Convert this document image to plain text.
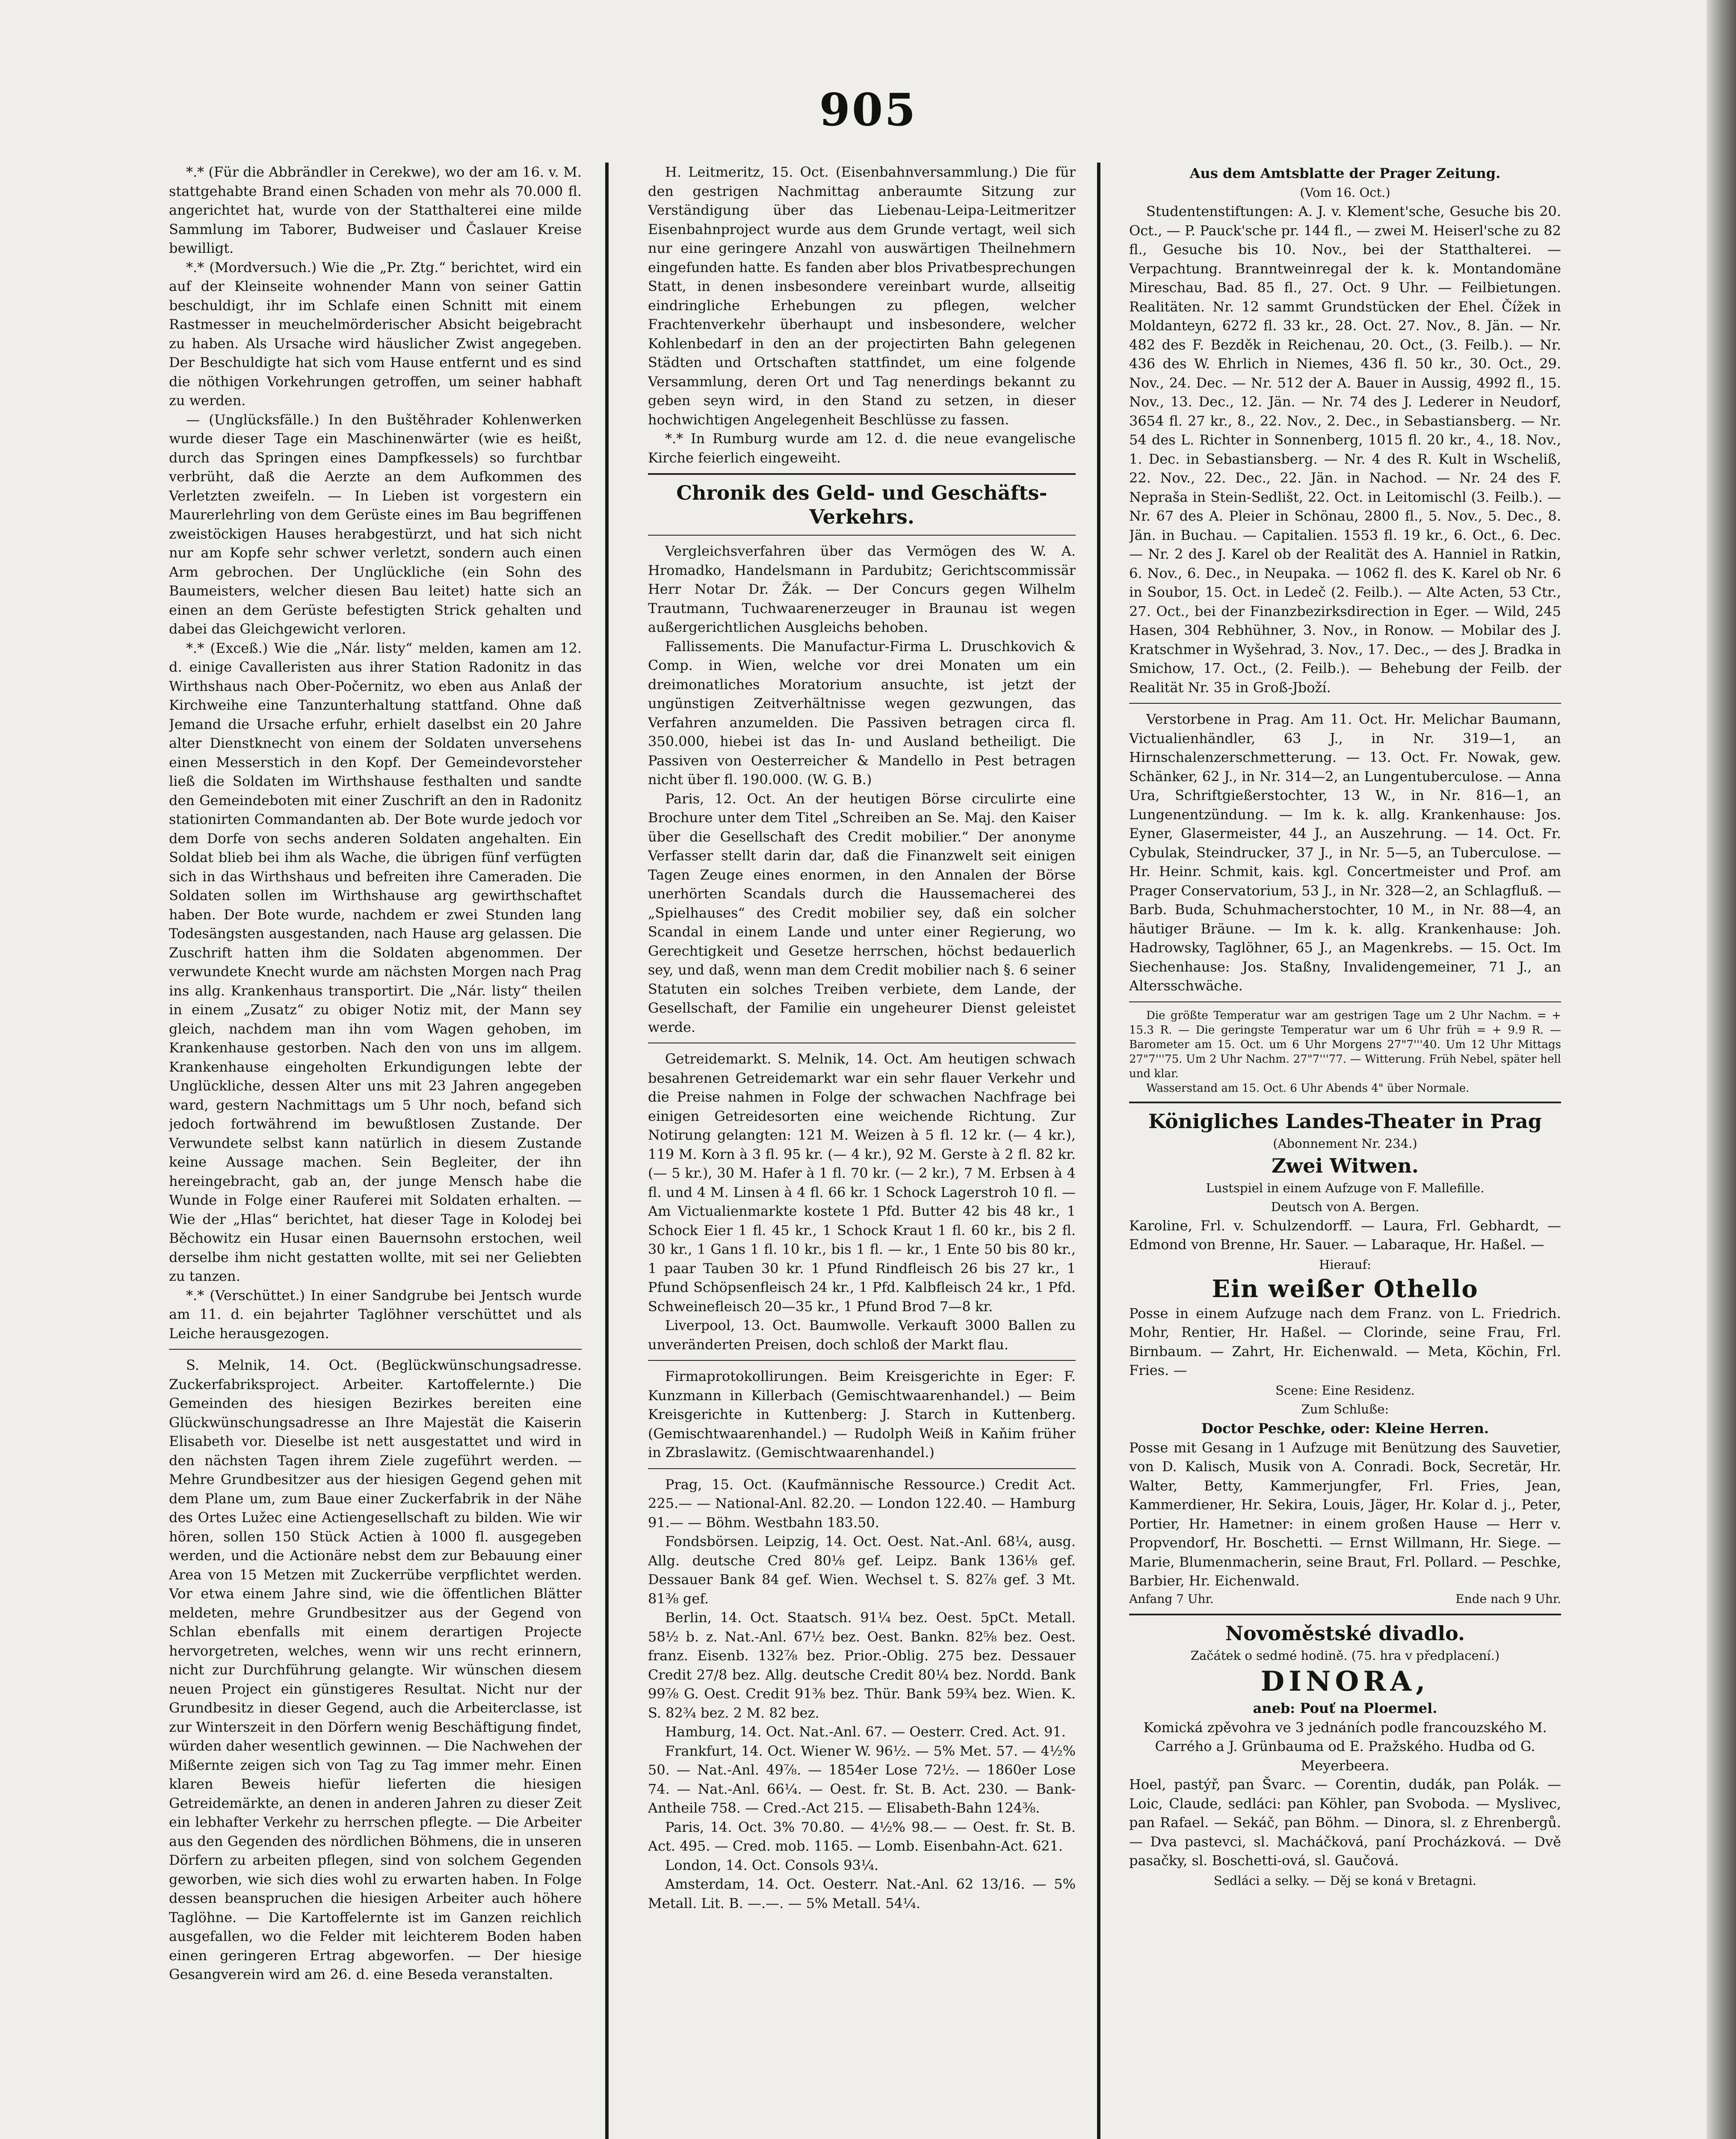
905

*.* (Für die Abbrändler in Cerekwe), wo der am 16. v. M. stattgehabte Brand einen Schaden von mehr als 70.000 fl. angerichtet hat, wurde von der Statthalterei eine milde Sammlung im Taborer, Budweiser und Časlauer Kreise bewilligt.

*.* (Mordversuch.) Wie die „Pr. Ztg.“ berichtet, wird ein auf der Kleinseite wohnender Mann von seiner Gattin beschuldigt, ihr im Schlafe einen Schnitt mit einem Rastmesser in meuchelmörderischer Absicht beigebracht zu haben. Als Ursache wird häuslicher Zwist angegeben. Der Beschuldigte hat sich vom Hause entfernt und es sind die nöthigen Vorkehrungen getroffen, um seiner habhaft zu werden.

— (Unglücksfälle.) In den Buštěhrader Kohlenwerken wurde dieser Tage ein Maschinenwärter (wie es heißt, durch das Springen eines Dampfkessels) so furchtbar verbrüht, daß die Aerzte an dem Aufkommen des Verletzten zweifeln. — In Lieben ist vorgestern ein Maurerlehrling von dem Gerüste eines im Bau begriffenen zweistöckigen Hauses herabgestürzt, und hat sich nicht nur am Kopfe sehr schwer verletzt, sondern auch einen Arm gebrochen. Der Unglückliche (ein Sohn des Baumeisters, welcher diesen Bau leitet) hatte sich an einen an dem Gerüste befestigten Strick gehalten und dabei das Gleichgewicht verloren.

*.* (Exceß.) Wie die „Nár. listy“ melden, kamen am 12. d. einige Cavalleristen aus ihrer Station Radonitz in das Wirthshaus nach Ober-Počernitz, wo eben aus Anlaß der Kirchweihe eine Tanzunterhaltung stattfand. Ohne daß Jemand die Ursache erfuhr, erhielt daselbst ein 20 Jahre alter Dienstknecht von einem der Soldaten unversehens einen Messerstich in den Kopf. Der Gemeindevorsteher ließ die Soldaten im Wirthshause festhalten und sandte den Gemeindeboten mit einer Zuschrift an den in Radonitz stationirten Commandanten ab. Der Bote wurde jedoch vor dem Dorfe von sechs anderen Soldaten angehalten. Ein Soldat blieb bei ihm als Wache, die übrigen fünf verfügten sich in das Wirthshaus und befreiten ihre Cameraden. Die Soldaten sollen im Wirthshause arg gewirthschaftet haben. Der Bote wurde, nachdem er zwei Stunden lang Todesängsten ausgestanden, nach Hause arg gelassen. Die Zuschrift hatten ihm die Soldaten abgenommen. Der verwundete Knecht wurde am nächsten Morgen nach Prag ins allg. Krankenhaus transportirt. Die „Nár. listy“ theilen in einem „Zusatz“ zu obiger Notiz mit, der Mann sey gleich, nachdem man ihn vom Wagen gehoben, im Krankenhause gestorben. Nach den von uns im allgem. Krankenhause eingeholten Erkundigungen lebte der Unglückliche, dessen Alter uns mit 23 Jahren angegeben ward, gestern Nachmittags um 5 Uhr noch, befand sich jedoch fortwährend im bewußtlosen Zustande. Der Verwundete selbst kann natürlich in diesem Zustande keine Aussage machen. Sein Begleiter, der ihn hereingebracht, gab an, der junge Mensch habe die Wunde in Folge einer Rauferei mit Soldaten erhalten. — Wie der „Hlas“ berichtet, hat dieser Tage in Kolodej bei Běchowitz ein Husar einen Bauernsohn erstochen, weil derselbe ihm nicht gestatten wollte, mit sei ner Geliebten zu tanzen.

*.* (Verschüttet.) In einer Sandgrube bei Jentsch wurde am 11. d. ein bejahrter Taglöhner verschüttet und als Leiche herausgezogen.

S. Melnik, 14. Oct. (Beglückwünschungsadresse. Zuckerfabriksproject. Arbeiter. Kartoffelernte.) Die Gemeinden des hiesigen Bezirkes bereiten eine Glückwünschungsadresse an Ihre Majestät die Kaiserin Elisabeth vor. Dieselbe ist nett ausgestattet und wird in den nächsten Tagen ihrem Ziele zugeführt werden. — Mehre Grundbesitzer aus der hiesigen Gegend gehen mit dem Plane um, zum Baue einer Zuckerfabrik in der Nähe des Ortes Lužec eine Actiengesellschaft zu bilden. Wie wir hören, sollen 150 Stück Actien à 1000 fl. ausgegeben werden, und die Actionäre nebst dem zur Bebauung einer Area von 15 Metzen mit Zuckerrübe verpflichtet werden. Vor etwa einem Jahre sind, wie die öffentlichen Blätter meldeten, mehre Grundbesitzer aus der Gegend von Schlan ebenfalls mit einem derartigen Projecte hervorgetreten, welches, wenn wir uns recht erinnern, nicht zur Durchführung gelangte. Wir wünschen diesem neuen Project ein günstigeres Resultat. Nicht nur der Grundbesitz in dieser Gegend, auch die Arbeiterclasse, ist zur Winterszeit in den Dörfern wenig Beschäftigung findet, würden daher wesentlich gewinnen. — Die Nachwehen der Mißernte zeigen sich von Tag zu Tag immer mehr. Einen klaren Beweis hiefür lieferten die hiesigen Getreidemärkte, an denen in anderen Jahren zu dieser Zeit ein lebhafter Verkehr zu herrschen pflegte. — Die Arbeiter aus den Gegenden des nördlichen Böhmens, die in unseren Dörfern zu arbeiten pflegen, sind von solchem Gegenden geworben, wie sich dies wohl zu erwarten haben. In Folge dessen beanspruchen die hiesigen Arbeiter auch höhere Taglöhne. — Die Kartoffelernte ist im Ganzen reichlich ausgefallen, wo die Felder mit leichterem Boden haben einen geringeren Ertrag abgeworfen. — Der hiesige Gesangverein wird am 26. d. eine Beseda veranstalten.

H. Leitmeritz, 15. Oct. (Eisenbahnversammlung.) Die für den gestrigen Nachmittag anberaumte Sitzung zur Verständigung über das Liebenau-Leipa-Leitmeritzer Eisenbahnproject wurde aus dem Grunde vertagt, weil sich nur eine geringere Anzahl von auswärtigen Theilnehmern eingefunden hatte. Es fanden aber blos Privatbesprechungen Statt, in denen insbesondere vereinbart wurde, allseitig eindringliche Erhebungen zu pflegen, welcher Frachtenverkehr überhaupt und insbesondere, welcher Kohlenbedarf in den an der projectirten Bahn gelegenen Städten und Ortschaften stattfindet, um eine folgende Versammlung, deren Ort und Tag nenerdings bekannt zu geben seyn wird, in den Stand zu setzen, in dieser hochwichtigen Angelegenheit Beschlüsse zu fassen.

*.* In Rumburg wurde am 12. d. die neue evangelische Kirche feierlich eingeweiht.

Chronik des Geld- und Geschäfts-Verkehrs.

Vergleichsverfahren über das Vermögen des W. A. Hromadko, Handelsmann in Pardubitz; Gerichtscommissär Herr Notar Dr. Žák. — Der Concurs gegen Wilhelm Trautmann, Tuchwaarenerzeuger in Braunau ist wegen außergerichtlichen Ausgleichs behoben.

Fallissements. Die Manufactur-Firma L. Druschkovich & Comp. in Wien, welche vor drei Monaten um ein dreimonatliches Moratorium ansuchte, ist jetzt der ungünstigen Zeitverhältnisse wegen gezwungen, das Verfahren anzumelden. Die Passiven betragen circa fl. 350.000, hiebei ist das In- und Ausland betheiligt. Die Passiven von Oesterreicher & Mandello in Pest betragen nicht über fl. 190.000. (W. G. B.)

Paris, 12. Oct. An der heutigen Börse circulirte eine Brochure unter dem Titel „Schreiben an Se. Maj. den Kaiser über die Gesellschaft des Credit mobilier.“ Der anonyme Verfasser stellt darin dar, daß die Finanzwelt seit einigen Tagen Zeuge eines enormen, in den Annalen der Börse unerhörten Scandals durch die Haussemacherei des „Spielhauses“ des Credit mobilier sey, daß ein solcher Scandal in einem Lande und unter einer Regierung, wo Gerechtigkeit und Gesetze herrschen, höchst bedauerlich sey, und daß, wenn man dem Credit mobilier nach §. 6 seiner Statuten ein solches Treiben verbiete, dem Lande, der Gesellschaft, der Familie ein ungeheurer Dienst geleistet werde.

Getreidemarkt. S. Melnik, 14. Oct. Am heutigen schwach besahrenen Getreidemarkt war ein sehr flauer Verkehr und die Preise nahmen in Folge der schwachen Nachfrage bei einigen Getreidesorten eine weichende Richtung. Zur Notirung gelangten: 121 M. Weizen à 5 fl. 12 kr. (— 4 kr.), 119 M. Korn à 3 fl. 95 kr. (— 4 kr.), 92 M. Gerste à 2 fl. 82 kr. (— 5 kr.), 30 M. Hafer à 1 fl. 70 kr. (— 2 kr.), 7 M. Erbsen à 4 fl. und 4 M. Linsen à 4 fl. 66 kr. 1 Schock Lagerstroh 10 fl. — Am Victualienmarkte kostete 1 Pfd. Butter 42 bis 48 kr., 1 Schock Eier 1 fl. 45 kr., 1 Schock Kraut 1 fl. 60 kr., bis 2 fl. 30 kr., 1 Gans 1 fl. 10 kr., bis 1 fl. — kr., 1 Ente 50 bis 80 kr., 1 paar Tauben 30 kr. 1 Pfund Rindfleisch 26 bis 27 kr., 1 Pfund Schöpsenfleisch 24 kr., 1 Pfd. Kalbfleisch 24 kr., 1 Pfd. Schweinefleisch 20—35 kr., 1 Pfund Brod 7—8 kr.

Liverpool, 13. Oct. Baumwolle. Verkauft 3000 Ballen zu unveränderten Preisen, doch schloß der Markt flau.

Firmaprotokollirungen. Beim Kreisgerichte in Eger: F. Kunzmann in Killerbach (Gemischtwaarenhandel.) — Beim Kreisgerichte in Kuttenberg: J. Starch in Kuttenberg. (Gemischtwaarenhandel.) — Rudolph Weiß in Kaňim früher in Zbraslawitz. (Gemischtwaarenhandel.)

Prag, 15. Oct. (Kaufmännische Ressource.) Credit Act. 225.— — National-Anl. 82.20. — London 122.40. — Hamburg 91.— — Böhm. Westbahn 183.50.

Fondsbörsen. Leipzig, 14. Oct. Oest. Nat.-Anl. 68¼, ausg. Allg. deutsche Cred 80⅛ gef. Leipz. Bank 136⅛ gef. Dessauer Bank 84 gef. Wien. Wechsel t. S. 82⅞ gef. 3 Mt. 81⅜ gef.

Berlin, 14. Oct. Staatsch. 91¼ bez. Oest. 5pCt. Metall. 58½ b. z. Nat.-Anl. 67½ bez. Oest. Bankn. 82⅝ bez. Oest. franz. Eisenb. 132⅞ bez. Prior.-Oblig. 275 bez. Dessauer Credit 27/8 bez. Allg. deutsche Credit 80¼ bez. Nordd. Bank 99⅞ G. Oest. Credit 91⅜ bez. Thür. Bank 59¾ bez. Wien. K. S. 82¾ bez. 2 M. 82 bez.

Hamburg, 14. Oct. Nat.-Anl. 67. — Oesterr. Cred. Act. 91.

Frankfurt, 14. Oct. Wiener W. 96½. — 5% Met. 57. — 4½% 50. — Nat.-Anl. 49⅞. — 1854er Lose 72½. — 1860er Lose 74. — Nat.-Anl. 66¼. — Oest. fr. St. B. Act. 230. — Bank-Antheile 758. — Cred.-Act 215. — Elisabeth-Bahn 124⅜.

Paris, 14. Oct. 3% 70.80. — 4½% 98.— — Oest. fr. St. B. Act. 495. — Cred. mob. 1165. — Lomb. Eisenbahn-Act. 621.

London, 14. Oct. Consols 93¼.

Amsterdam, 14. Oct. Oesterr. Nat.-Anl. 62 13/16. — 5% Metall. Lit. B. —.—. — 5% Metall. 54¼.

Aus dem Amtsblatte der Prager Zeitung.
(Vom 16. Oct.)

Studentenstiftungen: A. J. v. Klement'sche, Gesuche bis 20. Oct., — P. Pauck'sche pr. 144 fl., — zwei M. Heiserl'sche zu 82 fl., Gesuche bis 10. Nov., bei der Statthalterei. — Verpachtung. Branntweinregal der k. k. Montandomäne Mireschau, Bad. 85 fl., 27. Oct. 9 Uhr. — Feilbietungen. Realitäten. Nr. 12 sammt Grundstücken der Ehel. Čížek in Moldanteyn, 6272 fl. 33 kr., 28. Oct. 27. Nov., 8. Jän. — Nr. 482 des F. Bezděk in Reichenau, 20. Oct., (3. Feilb.). — Nr. 436 des W. Ehrlich in Niemes, 436 fl. 50 kr., 30. Oct., 29. Nov., 24. Dec. — Nr. 512 der A. Bauer in Aussig, 4992 fl., 15. Nov., 13. Dec., 12. Jän. — Nr. 74 des J. Lederer in Neudorf, 3654 fl. 27 kr., 8., 22. Nov., 2. Dec., in Sebastiansberg. — Nr. 54 des L. Richter in Sonnenberg, 1015 fl. 20 kr., 4., 18. Nov., 1. Dec. in Sebastiansberg. — Nr. 4 des R. Kult in Wscheliß, 22. Nov., 22. Dec., 22. Jän. in Nachod. — Nr. 24 des F. Nepraša in Stein-Sedlišt, 22. Oct. in Leitomischl (3. Feilb.). — Nr. 67 des A. Pleier in Schönau, 2800 fl., 5. Nov., 5. Dec., 8. Jän. in Buchau. — Capitalien. 1553 fl. 19 kr., 6. Oct., 6. Dec. — Nr. 2 des J. Karel ob der Realität des A. Hanniel in Ratkin, 6. Nov., 6. Dec., in Neupaka. — 1062 fl. des K. Karel ob Nr. 6 in Soubor, 15. Oct. in Ledeč (2. Feilb.). — Alte Acten, 53 Ctr., 27. Oct., bei der Finanzbezirksdirection in Eger. — Wild, 245 Hasen, 304 Rebhühner, 3. Nov., in Ronow. — Mobilar des J. Kratschmer in Wyšehrad, 3. Nov., 17. Dec., — des J. Bradka in Smichow, 17. Oct., (2. Feilb.). — Behebung der Feilb. der Realität Nr. 35 in Groß-Jboží.

Verstorbene in Prag. Am 11. Oct. Hr. Melichar Baumann, Victualienhändler, 63 J., in Nr. 319—1, an Hirnschalenzerschmetterung. — 13. Oct. Fr. Nowak, gew. Schänker, 62 J., in Nr. 314—2, an Lungentuberculose. — Anna Ura, Schriftgießerstochter, 13 W., in Nr. 816—1, an Lungenentzündung. — Im k. k. allg. Krankenhause: Jos. Eyner, Glasermeister, 44 J., an Auszehrung. — 14. Oct. Fr. Cybulak, Steindrucker, 37 J., in Nr. 5—5, an Tuberculose. — Hr. Heinr. Schmit, kais. kgl. Concertmeister und Prof. am Prager Conservatorium, 53 J., in Nr. 328—2, an Schlagfluß. — Barb. Buda, Schuhmacherstochter, 10 M., in Nr. 88—4, an häutiger Bräune. — Im k. k. allg. Krankenhause: Joh. Hadrowsky, Taglöhner, 65 J., an Magenkrebs. — 15. Oct. Im Siechenhause: Jos. Staßny, Invalidengemeiner, 71 J., an Altersschwäche.

Die größte Temperatur war am gestrigen Tage um 2 Uhr Nachm. = + 15.3 R. — Die geringste Temperatur war um 6 Uhr früh = + 9.9 R. — Barometer am 15. Oct. um 6 Uhr Morgens 27"7'''40. Um 12 Uhr Mittags 27"7'''75. Um 2 Uhr Nachm. 27"7'''77. — Witterung. Früh Nebel, später hell und klar.

Wasserstand am 15. Oct. 6 Uhr Abends 4" über Normale.

Königliches Landes-Theater in Prag
(Abonnement Nr. 234.)
Zwei Witwen.
Lustspiel in einem Aufzuge von F. Mallefille.
Deutsch von A. Bergen.

Karoline, Frl. v. Schulzendorff. — Laura, Frl. Gebhardt, — Edmond von Brenne, Hr. Sauer. — Labaraque, Hr. Haßel. —

Hierauf:
Ein weißer Othello

Posse in einem Aufzuge nach dem Franz. von L. Friedrich. Mohr, Rentier, Hr. Haßel. — Clorinde, seine Frau, Frl. Birnbaum. — Zahrt, Hr. Eichenwald. — Meta, Köchin, Frl. Fries. —

Scene: Eine Residenz.
Zum Schluße:
Doctor Peschke, oder: Kleine Herren.

Posse mit Gesang in 1 Aufzuge mit Benützung des Sauvetier, von D. Kalisch, Musik von A. Conradi. Bock, Secretär, Hr. Walter, Betty, Kammerjungfer, Frl. Fries, Jean, Kammerdiener, Hr. Sekira, Louis, Jäger, Hr. Kolar d. j., Peter, Portier, Hr. Hametner: in einem großen Hause — Herr v. Propvendorf, Hr. Boschetti. — Ernst Willmann, Hr. Siege. — Marie, Blumenmacherin, seine Braut, Frl. Pollard. — Peschke, Barbier, Hr. Eichenwald.

Anfang 7 Uhr.	Ende nach 9 Uhr.
Novoměstské divadlo.
Začátek o sedmé hodině. (75. hra v předplacení.)
DINORA,
aneb: Pouť na Ploermel.

Komická zpěvohra ve 3 jednáních podle francouzského M. Carrého a J. Grünbauma od E. Pražského. Hudba od G. Meyerbeera.

Hoel, pastýř, pan Švarc. — Corentin, dudák, pan Polák. — Loic, Claude, sedláci: pan Köhler, pan Svoboda. — Myslivec, pan Rafael. — Sekáč, pan Böhm. — Dinora, sl. z Ehrenbergů. — Dva pastevci, sl. Macháčková, paní Procházková. — Dvě pasačky, sl. Boschetti-ová, sl. Gaučová.

Sedláci a selky. — Děj se koná v Bretagni.
